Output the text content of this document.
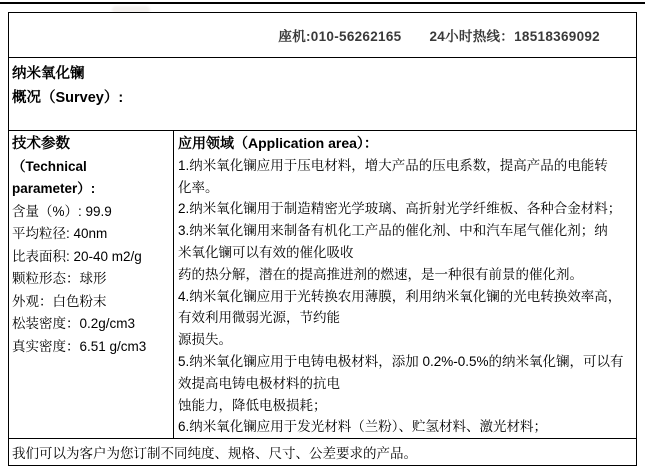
座机:010-56262165 24小时热线：18518369092
纳米氧化镧
概况（Survey）:
技术参数
（Technical parameter）:
含量（%）: 99.9
平均粒径: 40nm
比表面积: 20-40 m2/g
颗粒形态：球形
外观：白色粉末
松装密度：0.2g/cm3
真实密度：6.51 g/cm3
应用领域（Application area）：
1.纳米氧化镧应用于压电材料，增大产品的压电系数，提高产品的电能转
化率。
2.纳米氧化镧用于制造精密光学玻璃、高折射光学纤维板、各种合金材料；
3.纳米氧化镧用来制备有机化工产品的催化剂、中和汽车尾气催化剂；纳
米氧化镧可以有效的催化吸收
药的热分解，潜在的提高推进剂的燃速，是一种很有前景的催化剂。
4.纳米氧化镧应用于光转换农用薄膜，利用纳米氧化镧的光电转换效率高，
有效利用微弱光源，节约能
源损失。
5.纳米氧化镧应用于电铸电极材料，添加 0.2%-0.5%的纳米氧化镧，可以有
效提高电铸电极材料的抗电
蚀能力，降低电极损耗；
6.纳米氧化镧应用于发光材料（兰粉）、贮氢材料、激光材料；
我们可以为客户为您订制不同纯度、规格、尺寸、公差要求的产品。
